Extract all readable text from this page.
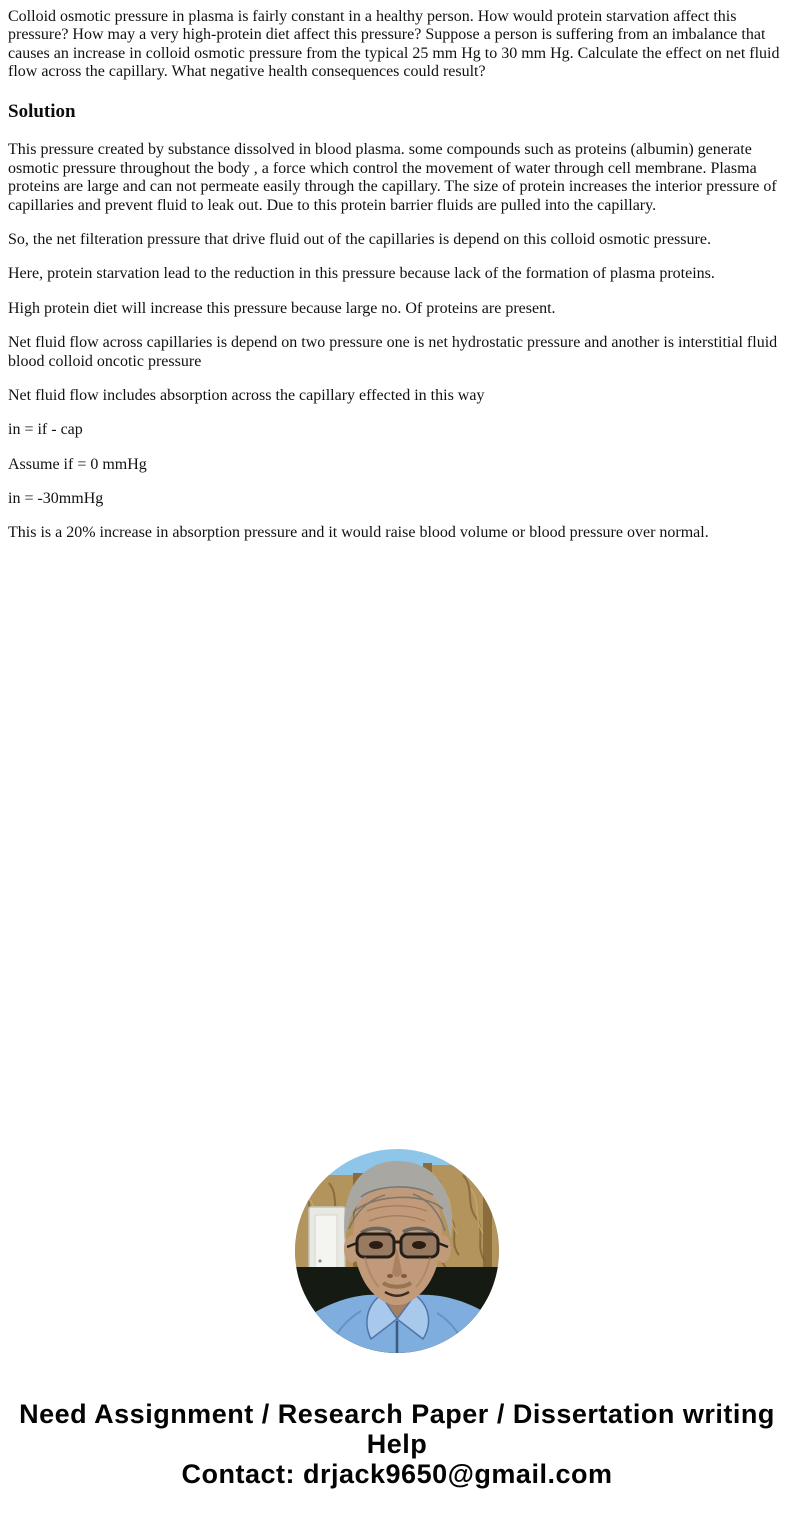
Colloid osmotic pressure in plasma is fairly constant in a healthy person. How would protein starvation affect this pressure? How may a very high-protein diet affect this pressure? Suppose a person is suffering from an imbalance that causes an increase in colloid osmotic pressure from the typical 25 mm Hg to 30 mm Hg. Calculate the effect on net fluid flow across the capillary. What negative health consequences could result?

Solution

This pressure created by substance dissolved in blood plasma. some compounds such as proteins (albumin) generate osmotic pressure throughout the body , a force which control the movement of water through cell membrane. Plasma proteins are large and can not permeate easily through the capillary. The size of protein increases the interior pressure of capillaries and prevent fluid to leak out. Due to this protein barrier fluids are pulled into the capillary.

So, the net filteration pressure that drive fluid out of the capillaries is depend on this colloid osmotic pressure.

Here, protein starvation lead to the reduction in this pressure because lack of the formation of plasma proteins.

High protein diet will increase this pressure because large no. Of proteins are present.

Net fluid flow across capillaries is depend on two pressure one is net hydrostatic pressure and another is interstitial fluid blood colloid oncotic pressure

Net fluid flow includes absorption across the capillary effected in this way

in = if - cap

Assume if = 0 mmHg

in = -30mmHg

This is a 20% increase in absorption pressure and it would raise blood volume or blood pressure over normal.

Need Assignment / Research Paper / Dissertation writing Help
Contact: drjack9650@gmail.com
